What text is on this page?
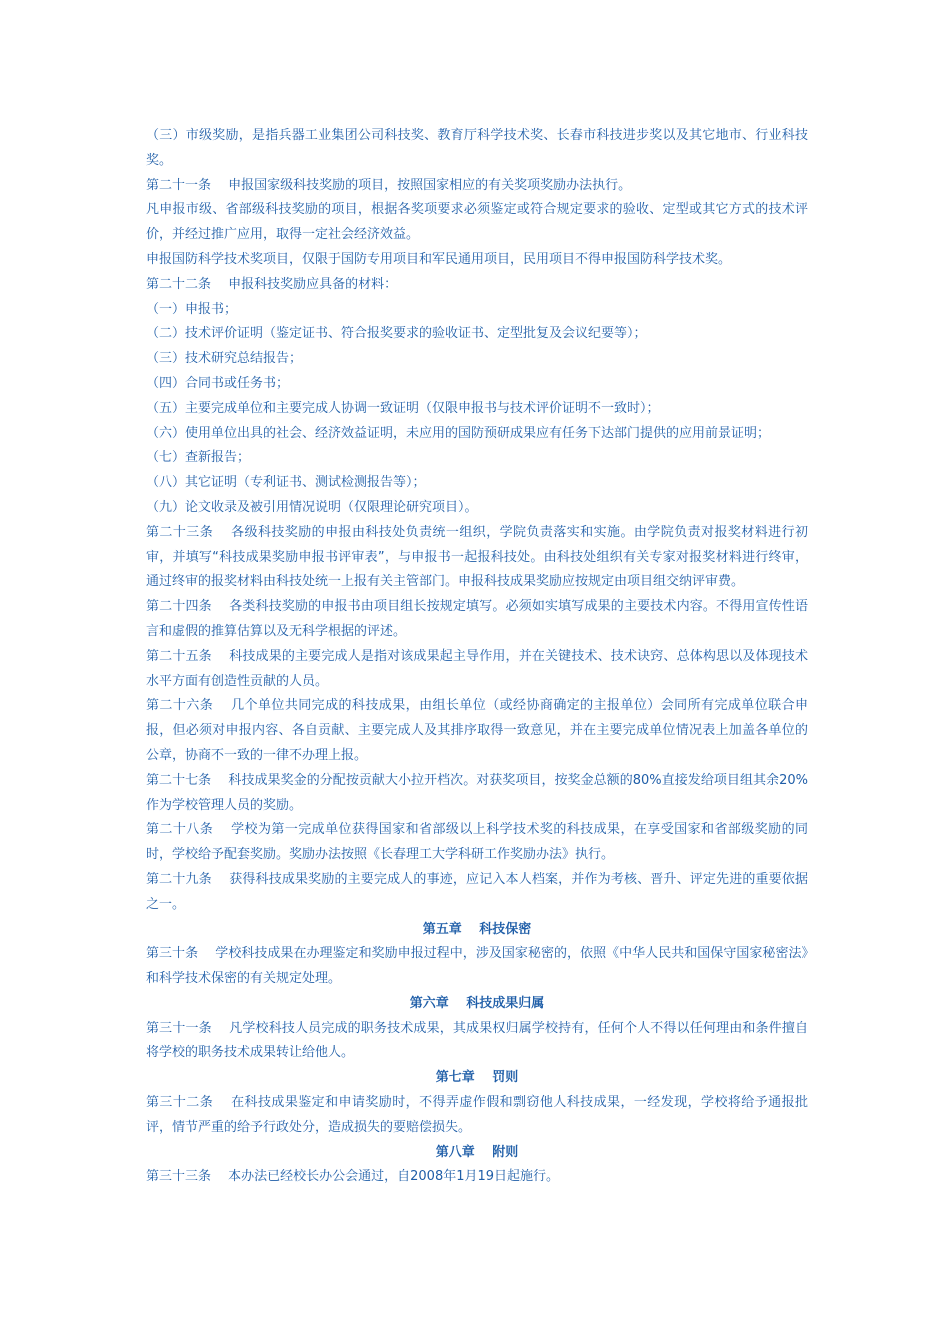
（三）市级奖励，是指兵器工业集团公司科技奖、教育厅科学技术奖、长春市科技进步奖以及其它地市、行业科技奖。

第二十一条　 申报国家级科技奖励的项目，按照国家相应的有关奖项奖励办法执行。

凡申报市级、省部级科技奖励的项目，根据各奖项要求必须鉴定或符合规定要求的验收、定型或其它方式的技术评价，并经过推广应用，取得一定社会经济效益。

申报国防科学技术奖项目，仅限于国防专用项目和军民通用项目，民用项目不得申报国防科学技术奖。

第二十二条　 申报科技奖励应具备的材料：

（一）申报书；

（二）技术评价证明（鉴定证书、符合报奖要求的验收证书、定型批复及会议纪要等）；

（三）技术研究总结报告；

（四）合同书或任务书；

（五）主要完成单位和主要完成人协调一致证明（仅限申报书与技术评价证明不一致时）；

（六）使用单位出具的社会、经济效益证明，未应用的国防预研成果应有任务下达部门提供的应用前景证明；

（七）查新报告；

（八）其它证明（专利证书、测试检测报告等）；

（九）论文收录及被引用情况说明（仅限理论研究项目）。

第二十三条　 各级科技奖励的申报由科技处负责统一组织，学院负责落实和实施。由学院负责对报奖材料进行初审，并填写“科技成果奖励申报书评审表”，与申报书一起报科技处。由科技处组织有关专家对报奖材料进行终审，通过终审的报奖材料由科技处统一上报有关主管部门。申报科技成果奖励应按规定由项目组交纳评审费。

第二十四条　 各类科技奖励的申报书由项目组长按规定填写。必须如实填写成果的主要技术内容。不得用宣传性语言和虚假的推算估算以及无科学根据的评述。

第二十五条　 科技成果的主要完成人是指对该成果起主导作用，并在关键技术、技术诀窍、总体构思以及体现技术水平方面有创造性贡献的人员。

第二十六条　 几个单位共同完成的科技成果，由组长单位（或经协商确定的主报单位）会同所有完成单位联合申报，但必须对申报内容、各自贡献、主要完成人及其排序取得一致意见，并在主要完成单位情况表上加盖各单位的公章，协商不一致的一律不办理上报。

第二十七条　 科技成果奖金的分配按贡献大小拉开档次。对获奖项目，按奖金总额的80%直接发给项目组其余20%作为学校管理人员的奖励。

第二十八条　 学校为第一完成单位获得国家和省部级以上科学技术奖的科技成果，在享受国家和省部级奖励的同时，学校给予配套奖励。奖励办法按照《长春理工大学科研工作奖励办法》执行。

第二十九条　 获得科技成果奖励的主要完成人的事迹，应记入本人档案，并作为考核、晋升、评定先进的重要依据之一。

第五章　 科技保密

第三十条　 学校科技成果在办理鉴定和奖励申报过程中，涉及国家秘密的，依照《中华人民共和国保守国家秘密法》和科学技术保密的有关规定处理。

第六章　 科技成果归属

第三十一条　 凡学校科技人员完成的职务技术成果，其成果权归属学校持有，任何个人不得以任何理由和条件擅自将学校的职务技术成果转让给他人。

第七章　 罚则

第三十二条　 在科技成果鉴定和申请奖励时，不得弄虚作假和剽窃他人科技成果，一经发现，学校将给予通报批评，情节严重的给予行政处分，造成损失的要赔偿损失。

第八章　 附则

第三十三条　 本办法已经校长办公会通过，自2008年1月19日起施行。
